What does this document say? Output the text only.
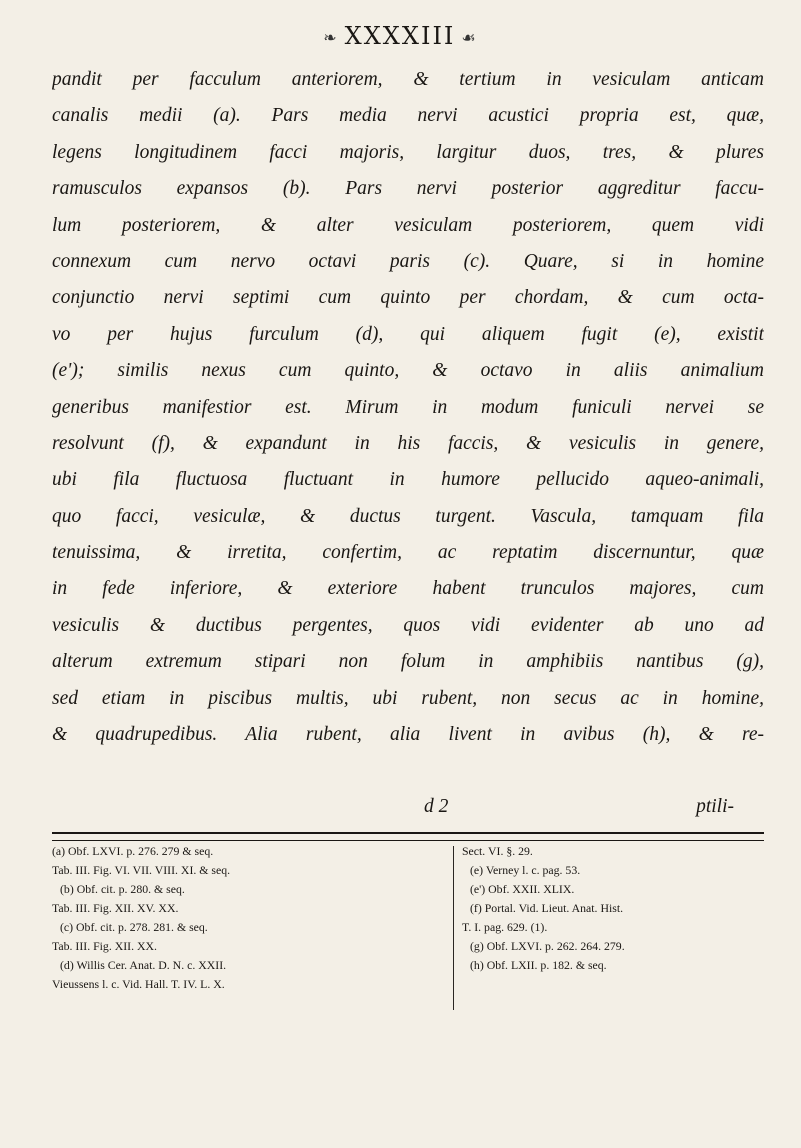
❧ XXXXIII ☙
pandit per facculum anteriorem, & tertium in vesiculam anticam
canalis medii (a). Pars media nervi acustici propria est, quæ,
legens longitudinem facci majoris, largitur duos, tres, & plures
ramusculos expansos (b). Pars nervi posterior aggreditur faccu-
lum posteriorem, & alter vesiculam posteriorem, quem vidi
connexum cum nervo octavi paris (c). Quare, si in homine
conjunctio nervi septimi cum quinto per chordam, & cum octa-
vo per hujus furculum (d), qui aliquem fugit (e), existit
(e'); similis nexus cum quinto, & octavo in aliis animalium
generibus manifestior est. Mirum in modum funiculi nervei se
resolvunt (f), & expandunt in his faccis, & vesiculis in genere,
ubi fila fluctuosa fluctuant in humore pellucido aqueo-animali,
quo facci, vesiculæ, & ductus turgent. Vascula, tamquam fila
tenuissima, & irretita, confertim, ac reptatim discernuntur, quæ
in fede inferiore, & exteriore habent trunculos majores, cum
vesiculis & ductibus pergentes, quos vidi evidenter ab uno ad
alterum extremum stipari non folum in amphibiis nantibus (g),
sed etiam in piscibus multis, ubi rubent, non secus ac in homine,
& quadrupedibus. Alia rubent, alia livent in avibus (h), & re-
d 2	ptili-
(a) Obf. LXVI. p. 276. 279 & seq.
Tab. III. Fig. VI. VII. VIII. XI. & seq.
(b) Obf. cit. p. 280. & seq.
Tab. III. Fig. XII. XV. XX.
(c) Obf. cit. p. 278. 281. & seq.
Tab. III. Fig. XII. XX.
(d) Willis Cer. Anat. D. N. c. XXII.
Vieussens l. c. Vid. Hall. T. IV. L. X.
Sect. VI. §. 29.
(e) Verney l. c. pag. 53.
(e') Obf. XXII. XLIX.
(f) Portal. Vid. Lieut. Anat. Hist.
T. I. pag. 629. (1).
(g) Obf. LXVI. p. 262. 264. 279.
(h) Obf. LXII. p. 182. & seq.
